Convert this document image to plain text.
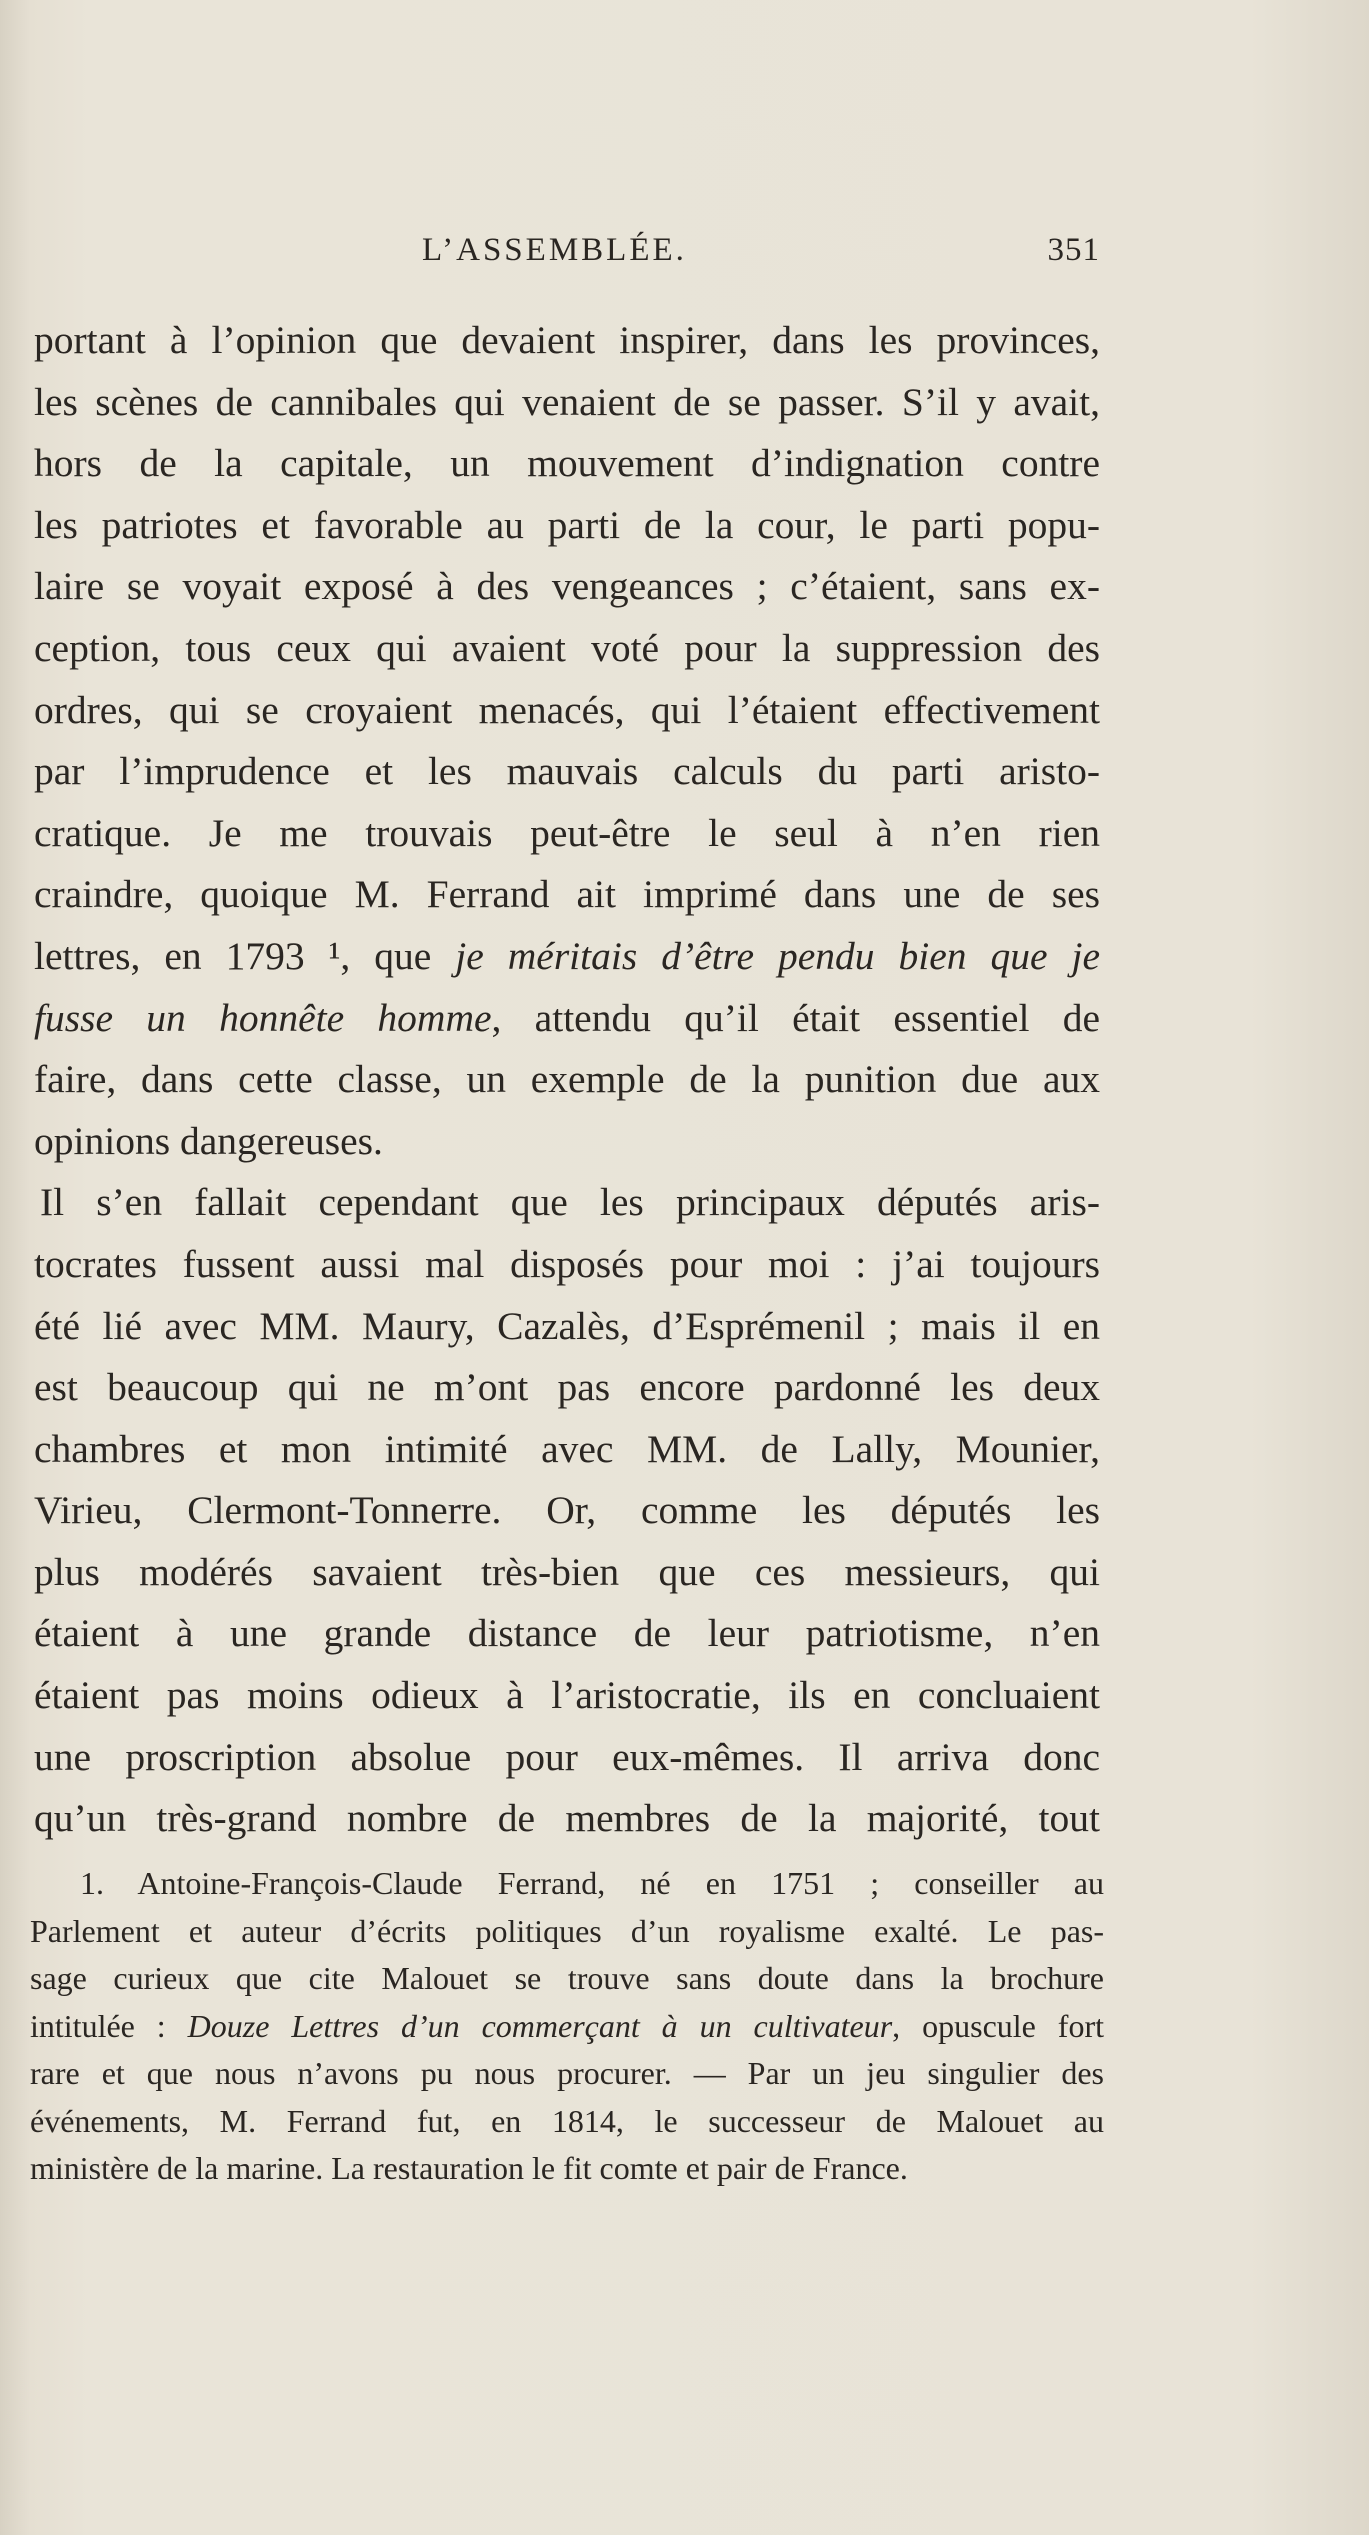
L’ASSEMBLÉE.	351
portant à l’opinion que devaient inspirer, dans les provinces,
les scènes de cannibales qui venaient de se passer. S’il y avait,
hors de la capitale, un mouvement d’indignation contre
les patriotes et favorable au parti de la cour, le parti popu-
laire se voyait exposé à des vengeances ; c’étaient, sans ex-
ception, tous ceux qui avaient voté pour la suppression des
ordres, qui se croyaient menacés, qui l’étaient effectivement
par l’imprudence et les mauvais calculs du parti aristo-
cratique. Je me trouvais peut-être le seul à n’en rien
craindre, quoique M. Ferrand ait imprimé dans une de ses
lettres, en 1793 ¹, que je méritais d’être pendu bien que je
fusse un honnête homme, attendu qu’il était essentiel de
faire, dans cette classe, un exemple de la punition due aux
opinions dangereuses.
Il s’en fallait cependant que les principaux députés aris-
tocrates fussent aussi mal disposés pour moi : j’ai toujours
été lié avec MM. Maury, Cazalès, d’Esprémenil ; mais il en
est beaucoup qui ne m’ont pas encore pardonné les deux
chambres et mon intimité avec MM. de Lally, Mounier,
Virieu, Clermont-Tonnerre. Or, comme les députés les
plus modérés savaient très-bien que ces messieurs, qui
étaient à une grande distance de leur patriotisme, n’en
étaient pas moins odieux à l’aristocratie, ils en concluaient
une proscription absolue pour eux-mêmes. Il arriva donc
qu’un très-grand nombre de membres de la majorité, tout
1. Antoine-François-Claude Ferrand, né en 1751 ; conseiller au
Parlement et auteur d’écrits politiques d’un royalisme exalté. Le pas-
sage curieux que cite Malouet se trouve sans doute dans la brochure
intitulée : Douze Lettres d’un commerçant à un cultivateur, opuscule fort
rare et que nous n’avons pu nous procurer. — Par un jeu singulier des
événements, M. Ferrand fut, en 1814, le successeur de Malouet au
ministère de la marine. La restauration le fit comte et pair de France.
